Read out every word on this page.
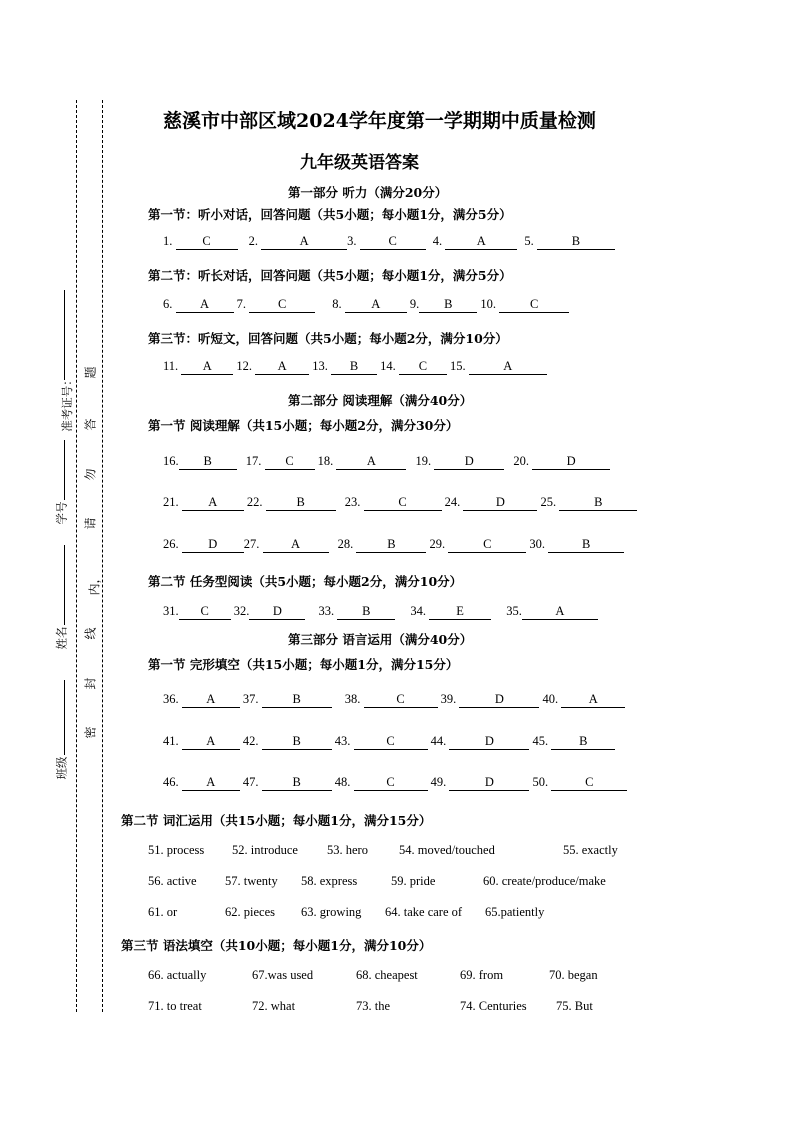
班级
姓名
学号
准考证号：
密
封
线
内，
请
勿
答
题
慈溪市中部区域2024学年度第一学期期中质量检测
九年级英语答案
第一部分 听力（满分20分）
第一节：听小对话，回答问题（共5小题；每小题1分，满分5分）
1. C	2.	A	3.	C	4.	A	5.	B
第二节：听长对话，回答问题（共5小题；每小题1分，满分5分）
6. A 7.	C	8. A 9. B 10.	C
第三节：听短文，回答问题（共5小题；每小题2分，满分10分）
11. A 12. A 13. B 14. C 15.	A
第二部分 阅读理解（满分40分）
第一节 阅读理解（共15小题；每小题2分，满分30分）
16. B	17. C 18.	A	19.	D	20.	D
21. A 22.	B	23.	C	24.	D	25.	B
26. D 27.	A	28.	B	29.	C	30.	B
第二节 任务型阅读（共5小题；每小题2分，满分10分）
31. C 32. D	33. B	34. E	35.	A
第三部分 语言运用（满分40分）
第一节 完形填空（共15小题；每小题1分，满分15分）
36. A 37.	B	38.	C	39.	D	40. A
41. A 42.	B	43.	C	44.	D	45. B
46. A 47.	B	48.	C	49.	D	50.	C
第二节 词汇运用（共15小题；每小题1分，满分15分）
51. process 52. introduce 53. hero 54. moved/touched	55. exactly
56. active 57. twenty 58. express	59. pride	60. create/produce/make
61. or	62. pieces 63. growing 64. take care of 65.patiently
第三节 语法填空（共10小题；每小题1分，满分10分）
66. actually	67.was used	68. cheapest	69. from	70. began
71. to treat	72. what	73. the	74. Centuries 75. But
